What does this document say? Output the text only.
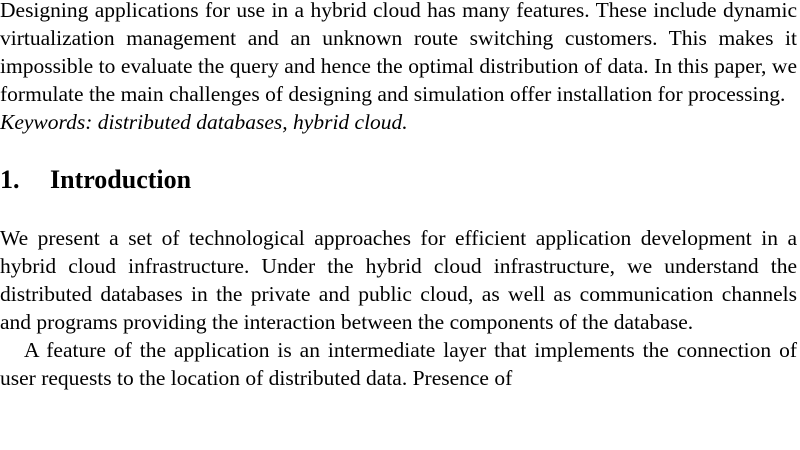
Designing applications for use in a hybrid cloud has many features. These include dynamic virtualization management and an unknown route switching customers. This makes it impossible to evaluate the query and hence the optimal distribution of data. In this paper, we formulate the main challenges of designing and simulation offer installation for processing.

Keywords: distributed databases, hybrid cloud.

1.	Introduction

We present a set of technological approaches for efficient application development in a hybrid cloud infrastructure. Under the hybrid cloud infrastructure, we understand the distributed databases in the private and public cloud, as well as communication channels and programs providing the interaction between the components of the database.

A feature of the application is an intermediate layer that implements the connection of user requests to the location of distributed data. Presence of
